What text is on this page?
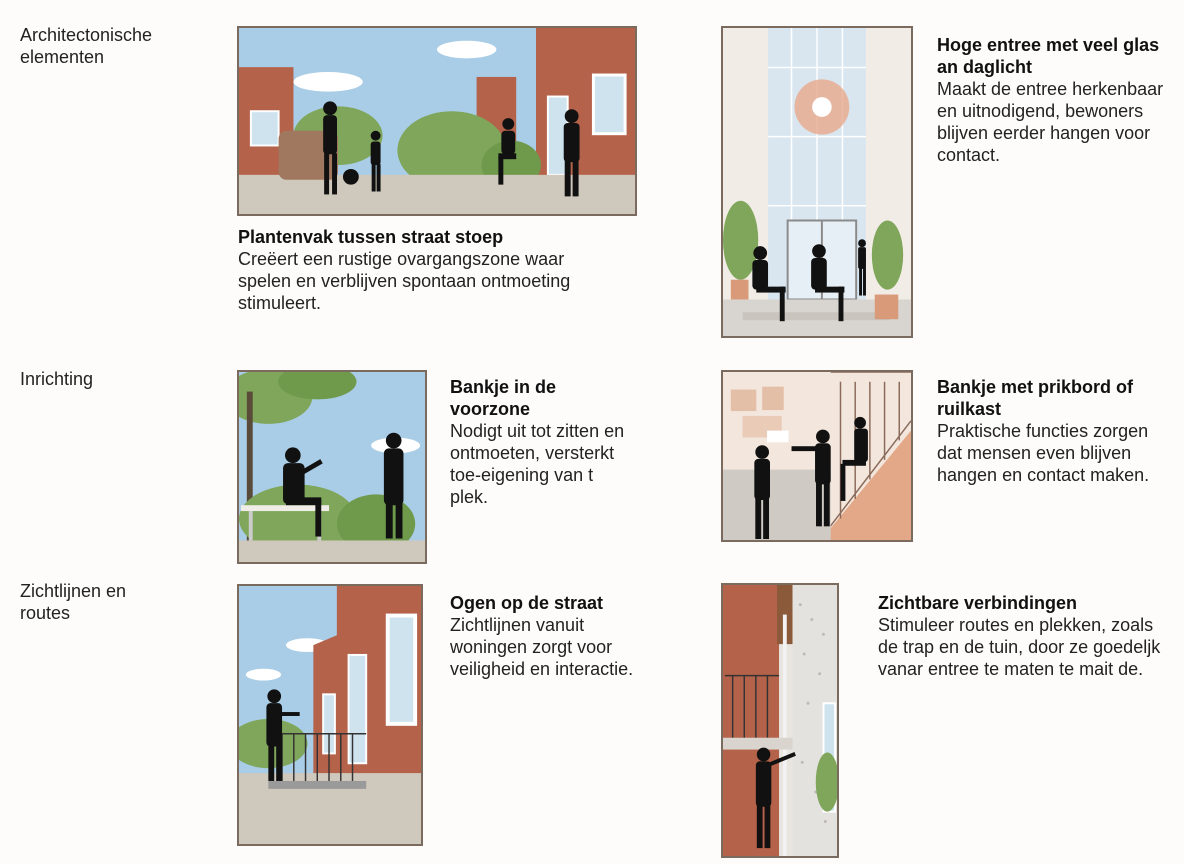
Architectonische
elementen
Inrichting
Zichtlijnen en
routes
Plantenvak tussen straat stoep
Creëert een rustige ovargangszone waar spelen en verblijven spontaan ontmoeting stimuleert.
Hoge entree met veel glas an daglicht
Maakt de entree herkenbaar en uitnodigend, bewoners blijven eerder hangen voor contact.
Bankje in de voorzone
Nodigt uit tot zitten en ontmoeten, versterkt toe-eigening van t plek.
Bankje met prikbord of ruilkast
Praktische functies zorgen dat mensen even blijven hangen en contact maken.
Ogen op de straat
Zichtlijnen vanuit woningen zorgt voor veiligheid en interactie.
Zichtbare verbindingen
Stimuleer routes en plekken, zoals de trap en de tuin, door ze goedeljk vanar entree te maten te mait de.
